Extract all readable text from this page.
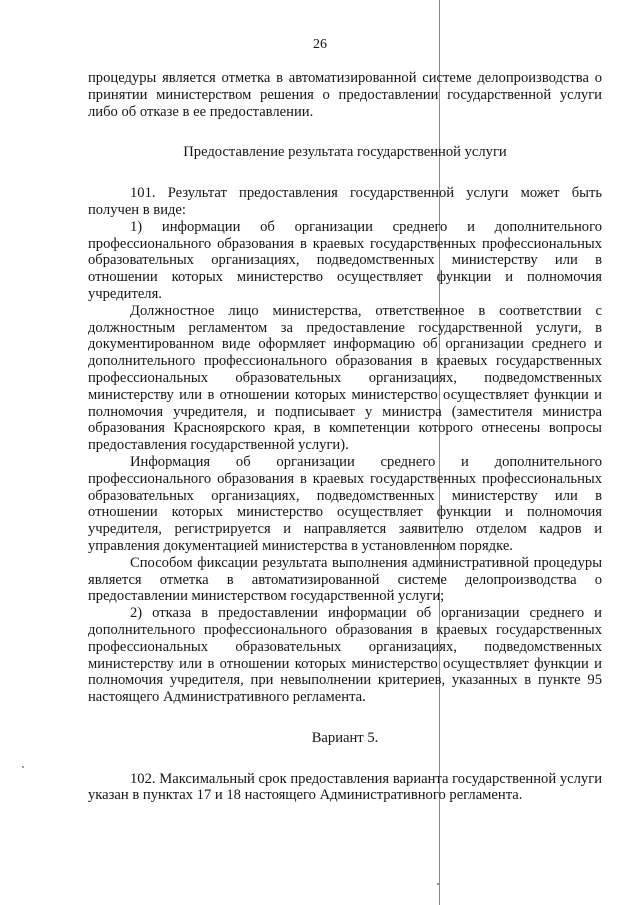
26

процедуры является отметка в автоматизированной системе делопроизводства о принятии министерством решения о предоставлении государственной услуги либо об отказе в ее предоставлении.

Предоставление результата государственной услуги

101. Результат предоставления государственной услуги может быть получен в виде:

1) информации об организации среднего и дополнительного профессионального образования в краевых государственных профессиональных образовательных организациях, подведомственных министерству или в отношении которых министерство осуществляет функции и полномочия учредителя.

Должностное лицо министерства, ответственное в соответствии с должностным регламентом за предоставление государственной услуги, в документированном виде оформляет информацию об организации среднего и дополнительного профессионального образования в краевых государственных профессиональных образовательных организациях, подведомственных министерству или в отношении которых министерство осуществляет функции и полномочия учредителя, и подписывает у министра (заместителя министра образования Красноярского края, в компетенции которого отнесены вопросы предоставления государственной услуги).

Информация об организации среднего и дополнительного профессионального образования в краевых государственных профессиональных образовательных организациях, подведомственных министерству или в отношении которых министерство осуществляет функции и полномочия учредителя, регистрируется и направляется заявителю отделом кадров и управления документацией министерства в установленном порядке.

Способом фиксации результата выполнения административной процедуры является отметка в автоматизированной системе делопроизводства о предоставлении министерством государственной услуги;

2) отказа в предоставлении информации об организации среднего и дополнительного профессионального образования в краевых государственных профессиональных образовательных организациях, подведомственных министерству или в отношении которых министерство осуществляет функции и полномочия учредителя, при невыполнении критериев, указанных в пункте 95 настоящего Административного регламента.

Вариант 5.

102. Максимальный срок предоставления варианта государственной услуги указан в пунктах 17 и 18 настоящего Административного регламента.
